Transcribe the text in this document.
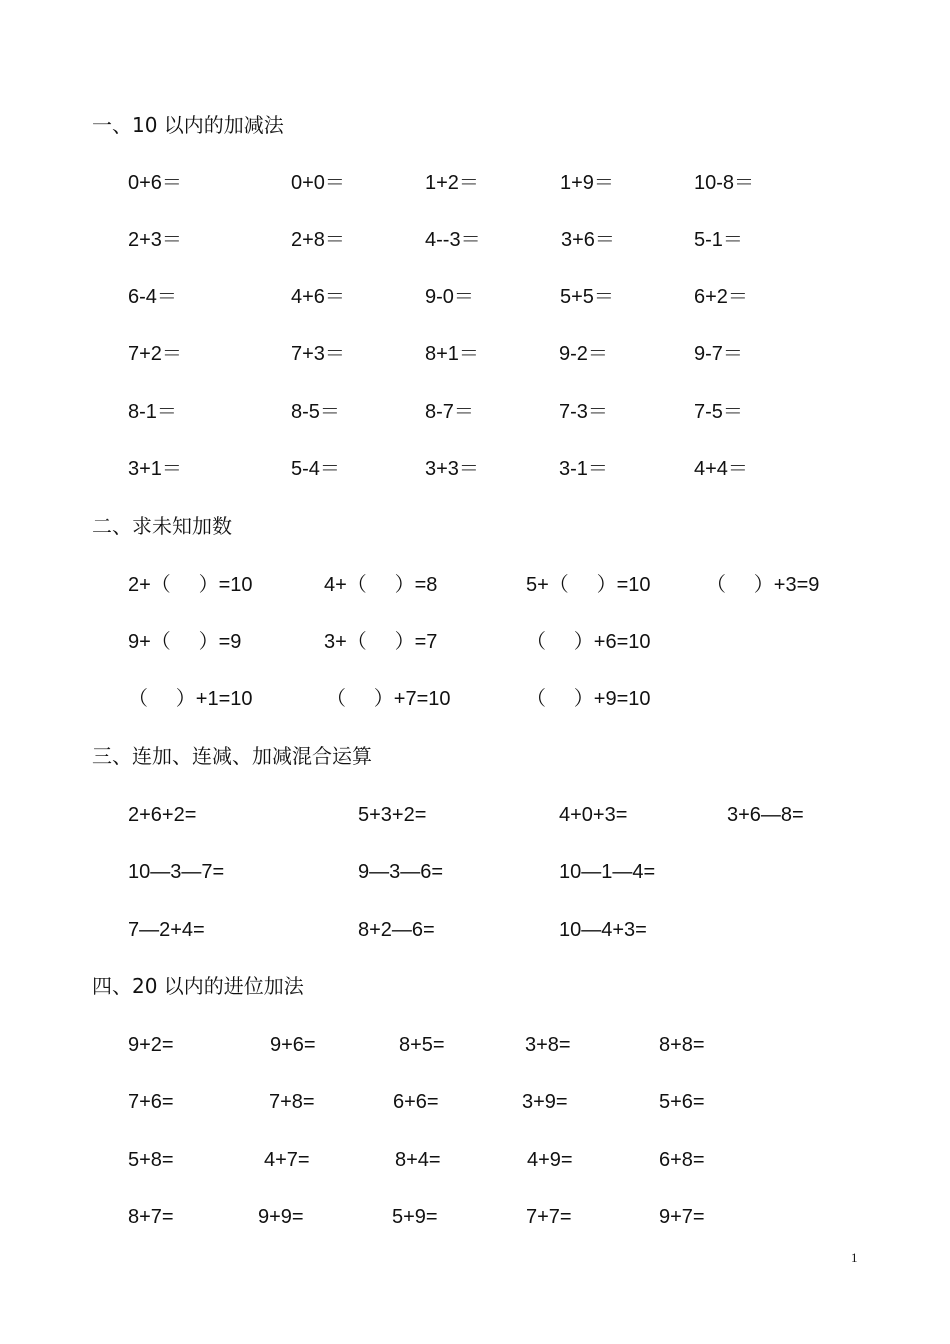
一、10 以内的加减法
0+6＝	0+0＝	1+2＝	1+9＝	10-8＝
2+3＝	2+8＝	4--3＝	3+6＝	5-1＝
6-4＝	4+6＝	9-0＝	5+5＝	6+2＝
7+2＝	7+3＝	8+1＝	9-2＝	9-7＝
8-1＝	8-5＝	8-7＝	7-3＝	7-5＝
3+1＝	5-4＝	3+3＝	3-1＝	4+4＝
二、求未知加数
2+（     ）=10	4+（     ）=8	5+（     ）=10	（     ）+3=9
9+（     ）=9	3+（     ）=7	（     ）+6=10
（     ）+1=10	（     ）+7=10	（     ）+9=10
三、连加、连减、加减混合运算
2+6+2=	5+3+2=	4+0+3=	3+6—8=
10—3—7=	9—3—6=	10—1—4=
7—2+4=	8+2—6=	10—4+3=
四、20 以内的进位加法
9+2=	9+6=	8+5=	3+8=	8+8=
7+6=	7+8=	6+6=	3+9=	5+6=
5+8=	4+7=	8+4=	4+9=	6+8=
8+7=	9+9=	5+9=	7+7=	9+7=
1
